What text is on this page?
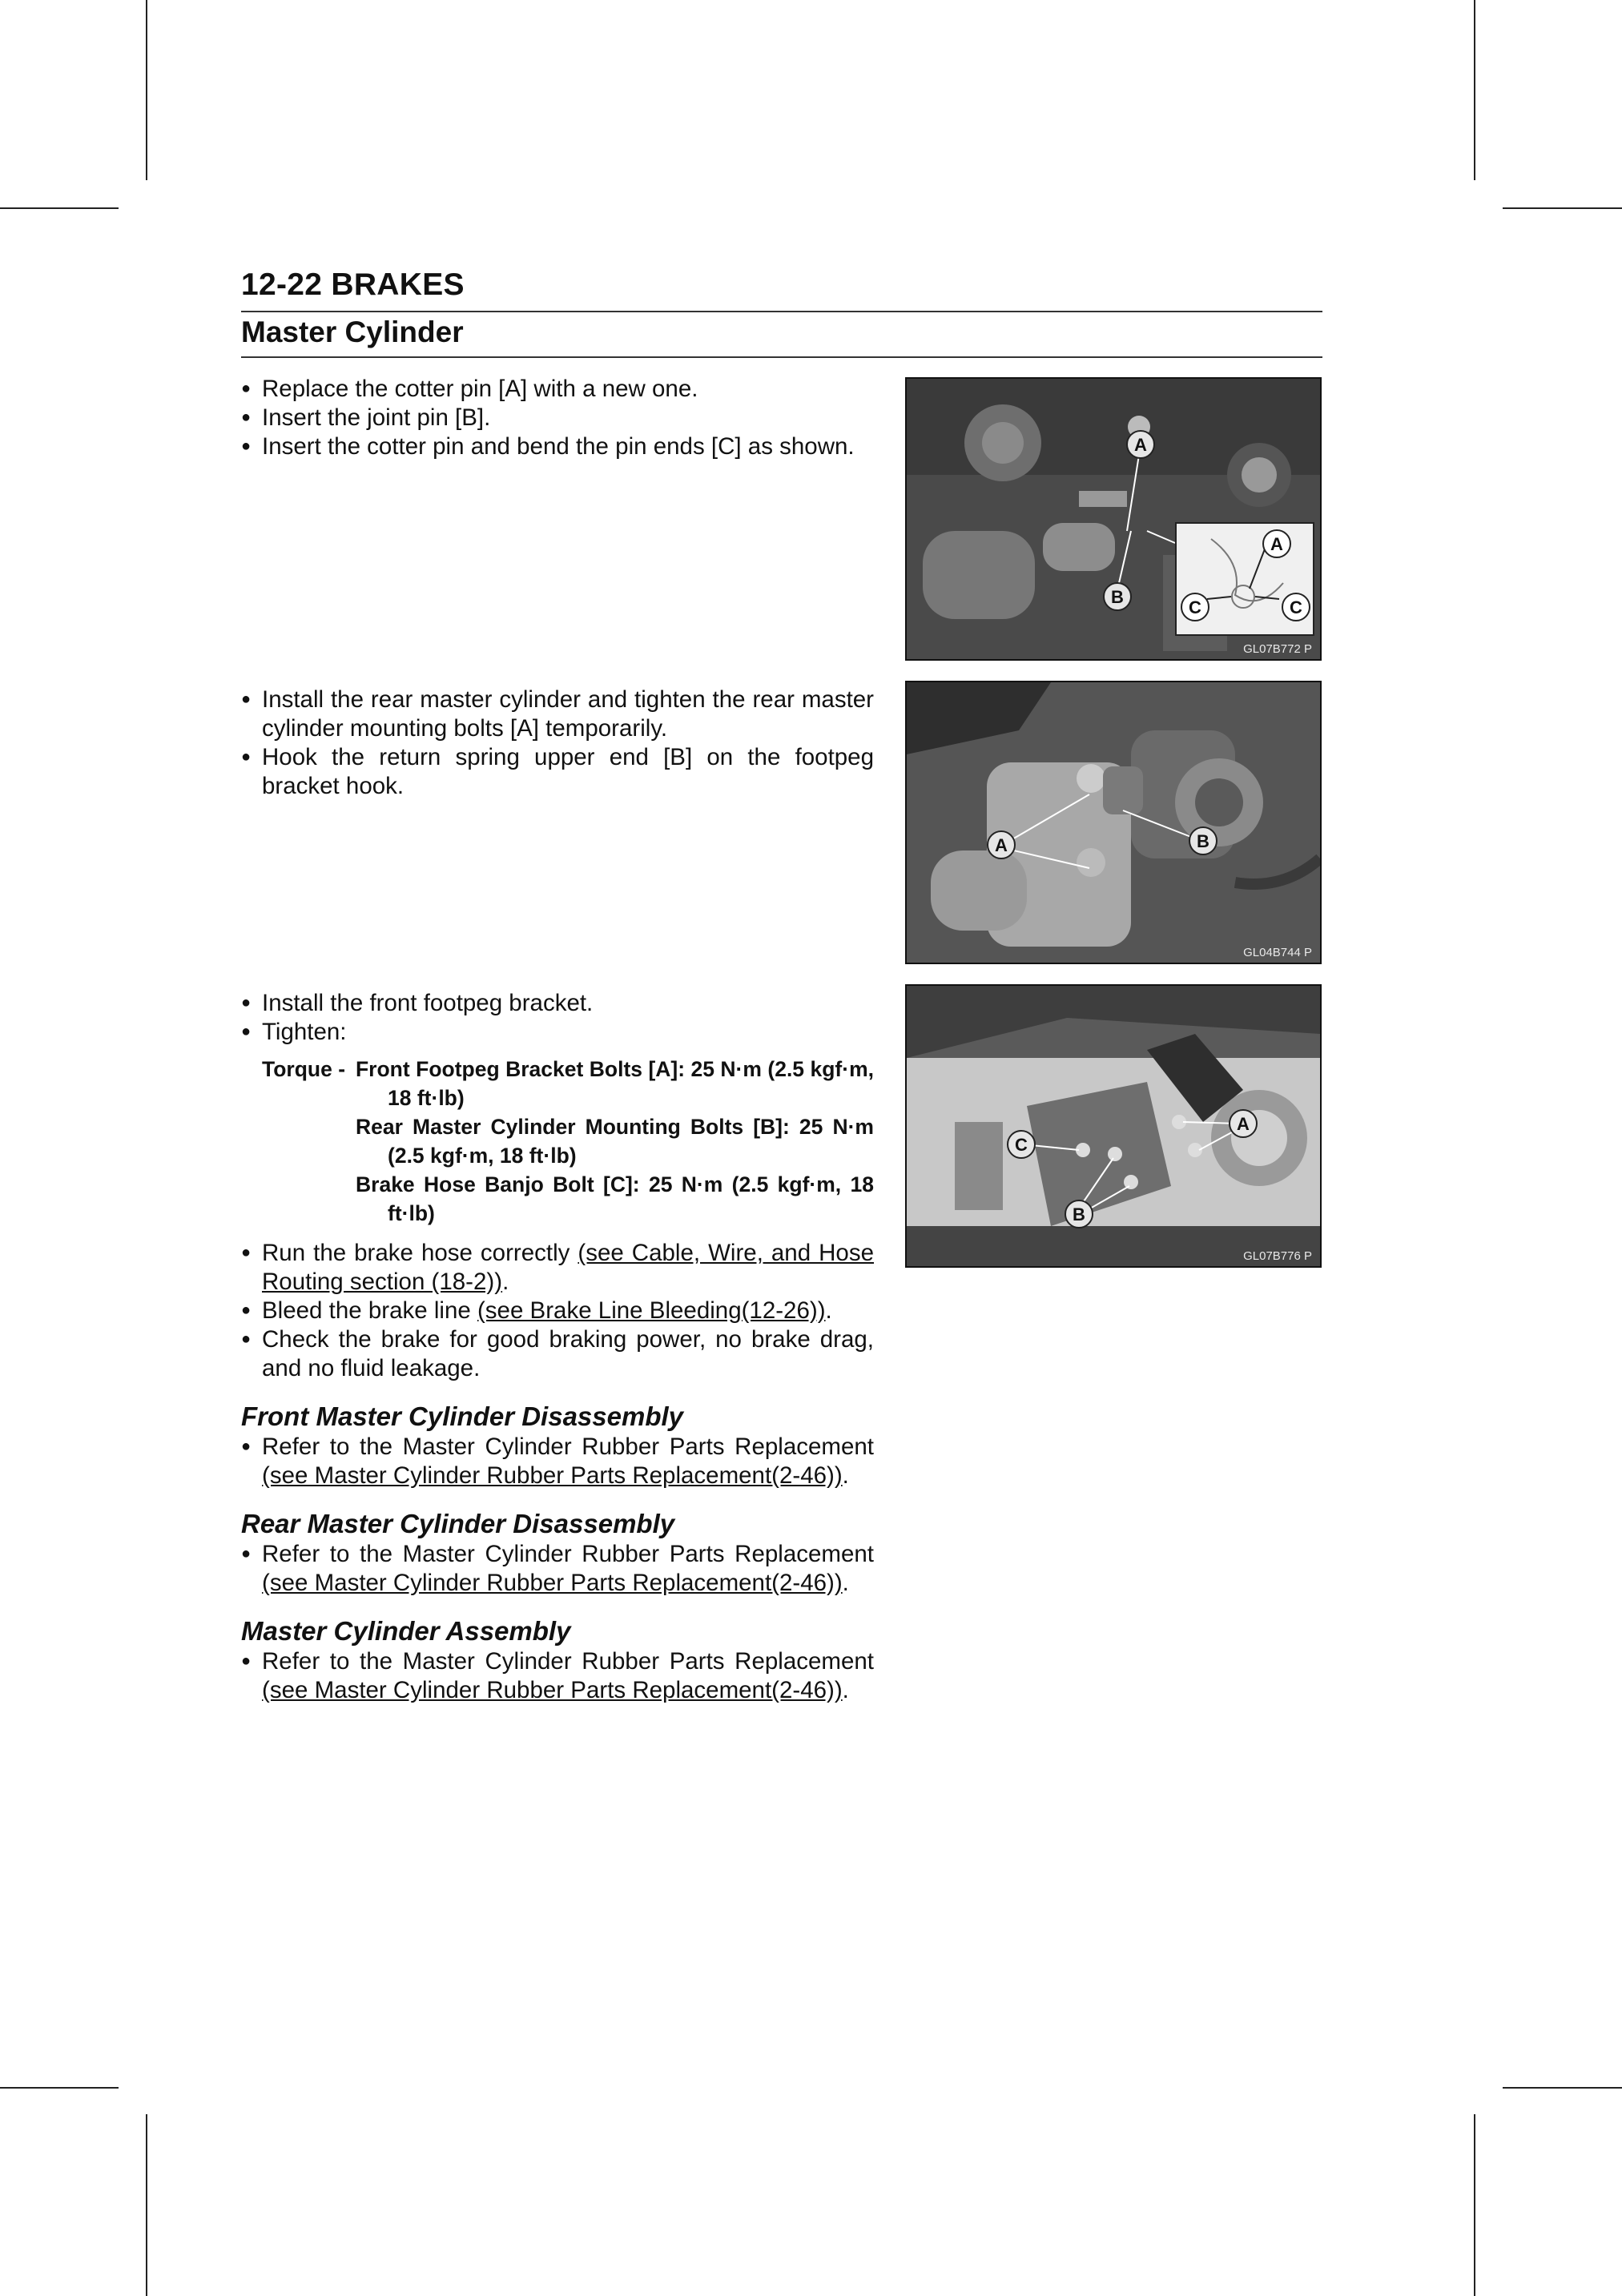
12-22 BRAKES
Master Cylinder
● Replace the cotter pin [A] with a new one.
● Insert the joint pin [B].
● Insert the cotter pin and bend the pin ends [C] as shown.
● Install the rear master cylinder and tighten the rear master cylinder mounting bolts [A] temporarily.
● Hook the return spring upper end [B] on the footpeg bracket hook.
● Install the front footpeg bracket.
● Tighten:
Torque - Front Footpeg Bracket Bolts [A]: 25 N·m (2.5 kgf·m, 18 ft·lb)
Rear Master Cylinder Mounting Bolts [B]: 25 N·m (2.5 kgf·m, 18 ft·lb)
Brake Hose Banjo Bolt [C]: 25 N·m (2.5 kgf·m, 18 ft·lb)
● Run the brake hose correctly (see Cable, Wire, and Hose Routing section (18-2)).
● Bleed the brake line (see Brake Line Bleeding(12-26)).
● Check the brake for good braking power, no brake drag, and no fluid leakage.
Front Master Cylinder Disassembly
● Refer to the Master Cylinder Rubber Parts Replacement (see Master Cylinder Rubber Parts Replacement(2-46)).
Rear Master Cylinder Disassembly
● Refer to the Master Cylinder Rubber Parts Replacement (see Master Cylinder Rubber Parts Replacement(2-46)).
Master Cylinder Assembly
● Refer to the Master Cylinder Rubber Parts Replacement (see Master Cylinder Rubber Parts Replacement(2-46)).
A
B
A
C	C
GL07B772 P
A	B
GL04B744 P
C
A
B
GL07B776 P
